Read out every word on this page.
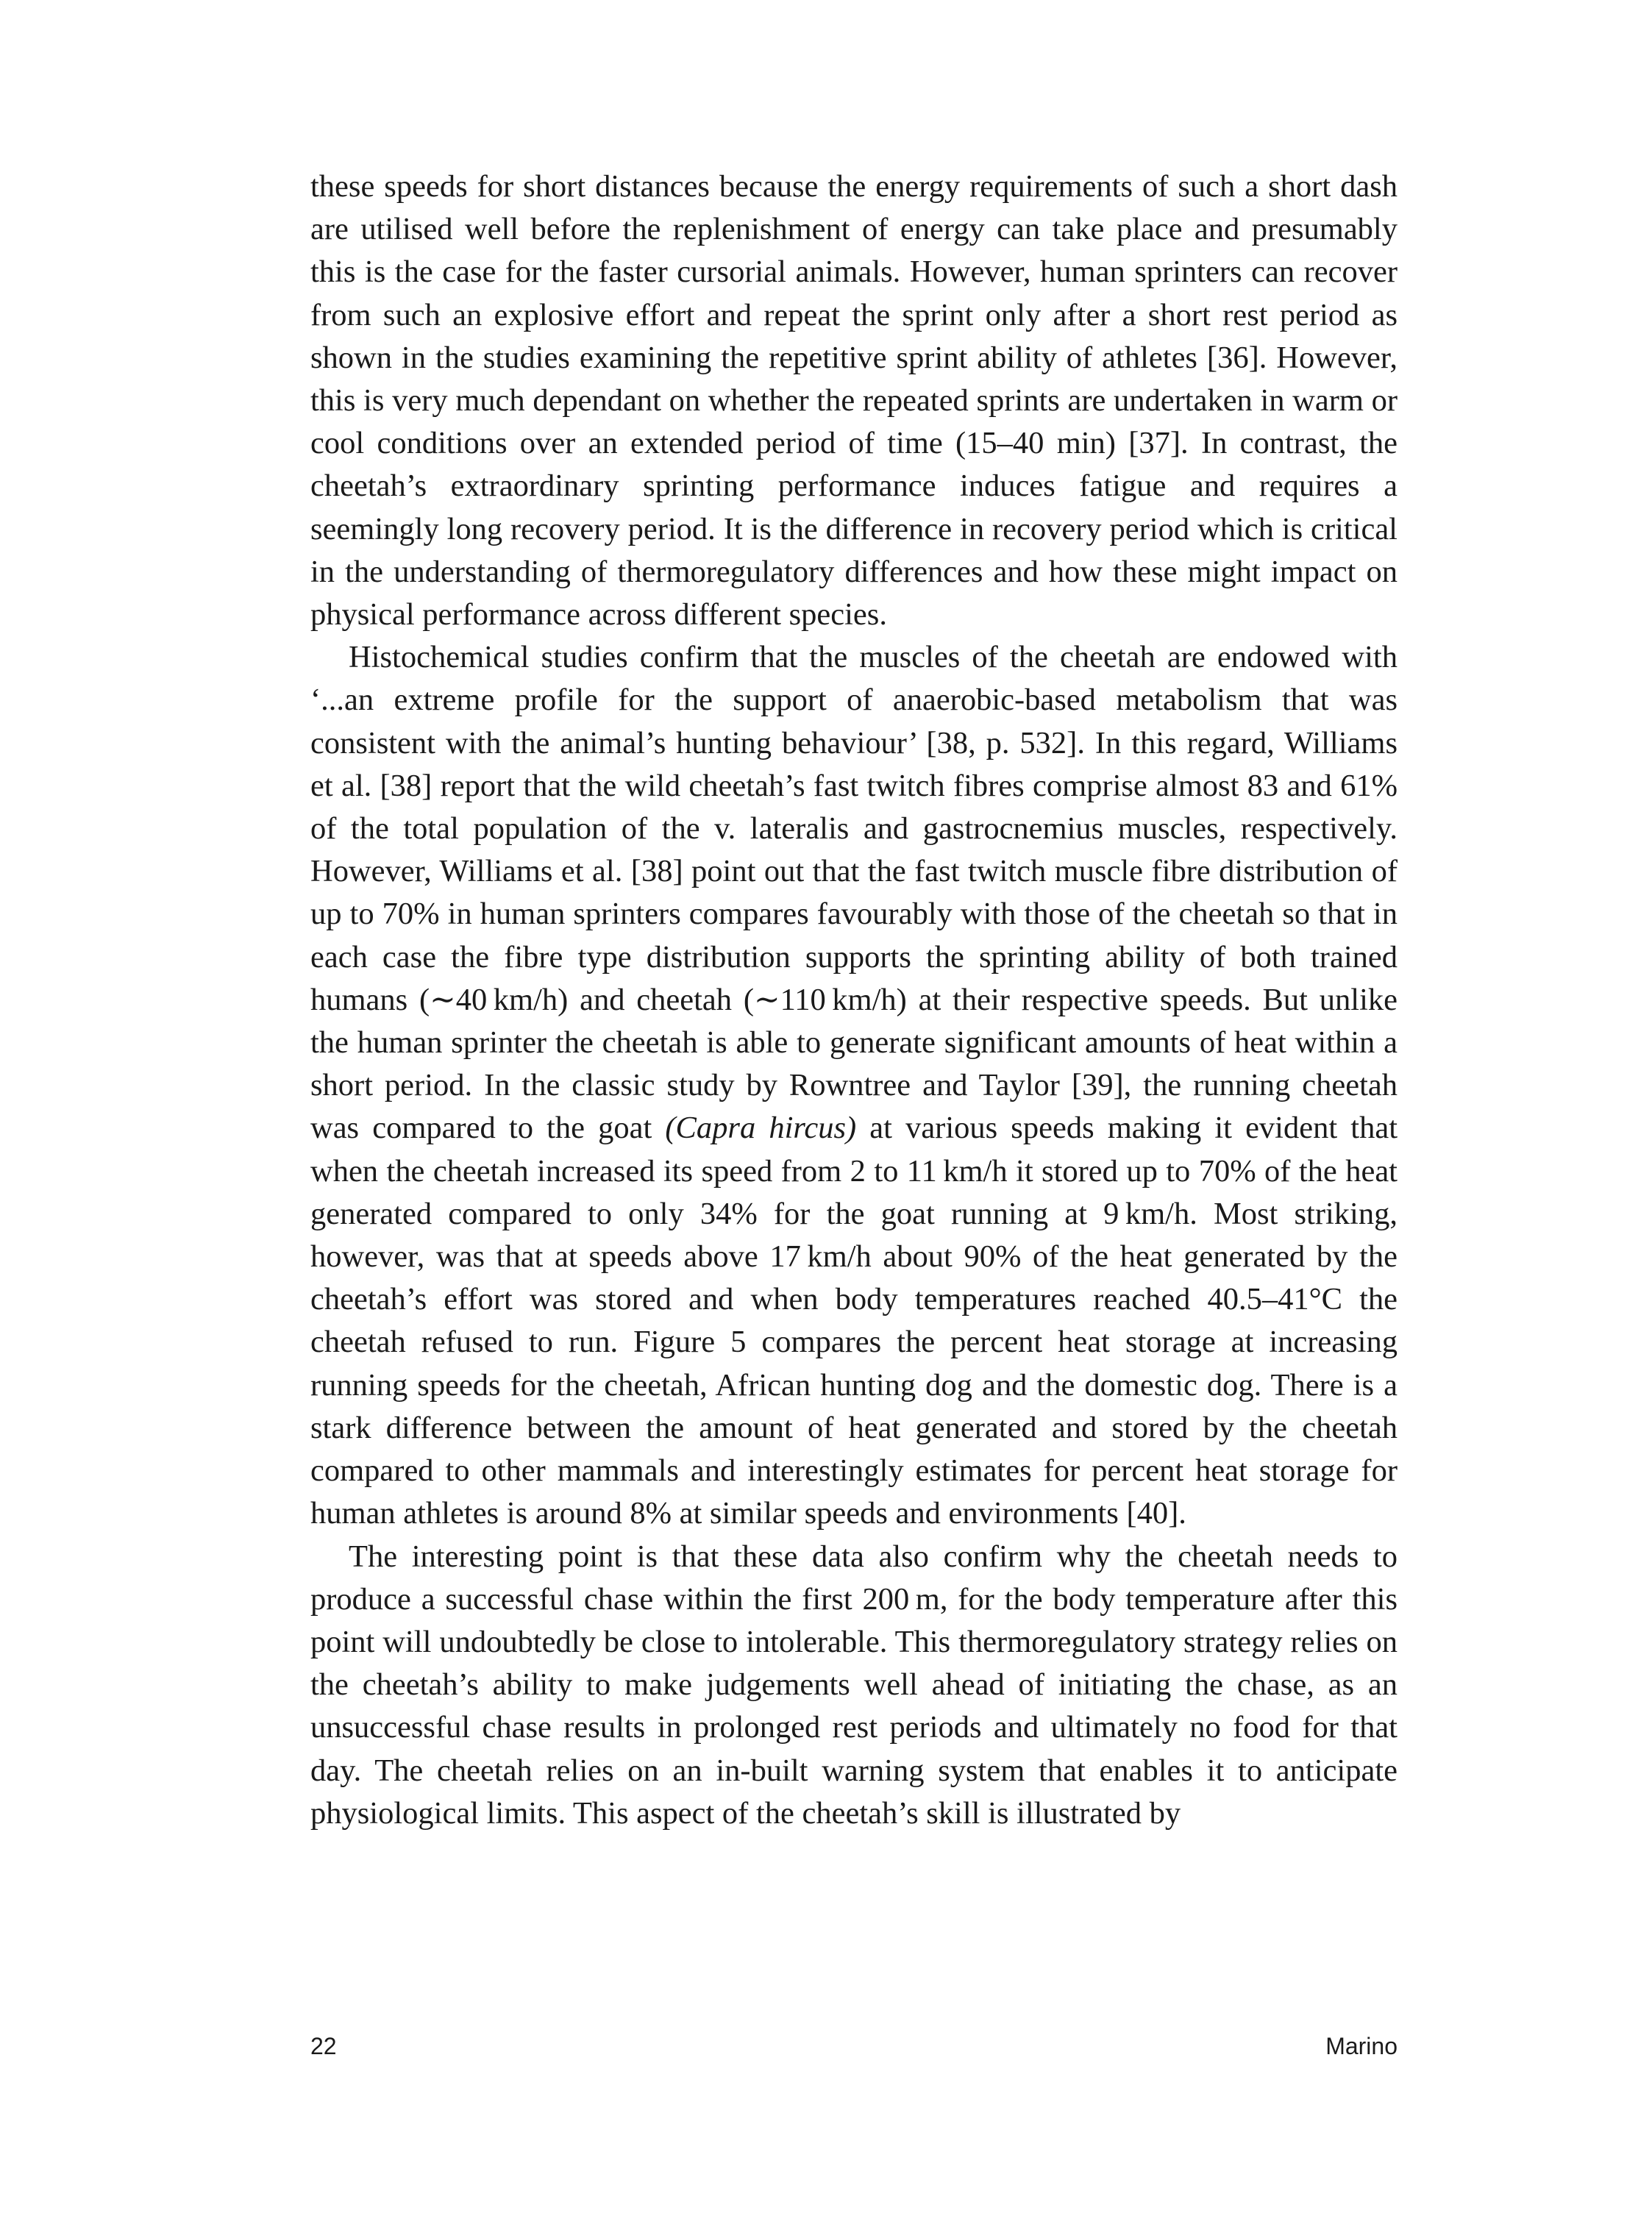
these speeds for short distances because the energy requirements of such a short dash are utilised well before the replenishment of energy can take place and presumably this is the case for the faster cursorial animals. However, human sprinters can recover from such an explosive effort and repeat the sprint only after a short rest period as shown in the studies examining the repetitive sprint ability of athletes [36]. However, this is very much dependant on whether the repeated sprints are undertaken in warm or cool conditions over an extended period of time (15–40 min) [37]. In contrast, the cheetah’s extraordinary sprinting performance induces fatigue and requires a seemingly long recovery period. It is the difference in recovery period which is critical in the understanding of thermoregulatory differences and how these might impact on physical performance across different species.

Histochemical studies confirm that the muscles of the cheetah are endowed with ‘...an extreme profile for the support of anaerobic-based metabolism that was consistent with the animal’s hunting behaviour’ [38, p. 532]. In this regard, Williams et al. [38] report that the wild cheetah’s fast twitch fibres comprise almost 83 and 61% of the total population of the v. lateralis and gastrocnemius muscles, respectively. However, Williams et al. [38] point out that the fast twitch muscle fibre distribution of up to 70% in human sprinters compares favourably with those of the cheetah so that in each case the fibre type distribution supports the sprinting ability of both trained humans (∼40 km/h) and cheetah (∼110 km/h) at their respective speeds. But unlike the human sprinter the cheetah is able to generate significant amounts of heat within a short period. In the classic study by Rowntree and Taylor [39], the running cheetah was compared to the goat (Capra hircus) at various speeds making it evident that when the cheetah increased its speed from 2 to 11 km/h it stored up to 70% of the heat generated compared to only 34% for the goat running at 9 km/h. Most striking, however, was that at speeds above 17 km/h about 90% of the heat generated by the cheetah’s effort was stored and when body temperatures reached 40.5–41°C the cheetah refused to run. Figure 5 compares the percent heat storage at increasing running speeds for the cheetah, African hunting dog and the domestic dog. There is a stark difference between the amount of heat generated and stored by the cheetah compared to other mammals and interestingly estimates for percent heat storage for human athletes is around 8% at similar speeds and environments [40].

The interesting point is that these data also confirm why the cheetah needs to produce a successful chase within the first 200 m, for the body temperature after this point will undoubtedly be close to intolerable. This thermoregulatory strategy relies on the cheetah’s ability to make judgements well ahead of initiating the chase, as an unsuccessful chase results in prolonged rest periods and ultimately no food for that day. The cheetah relies on an in-built warning system that enables it to anticipate physiological limits. This aspect of the cheetah’s skill is illustrated by

22	Marino
